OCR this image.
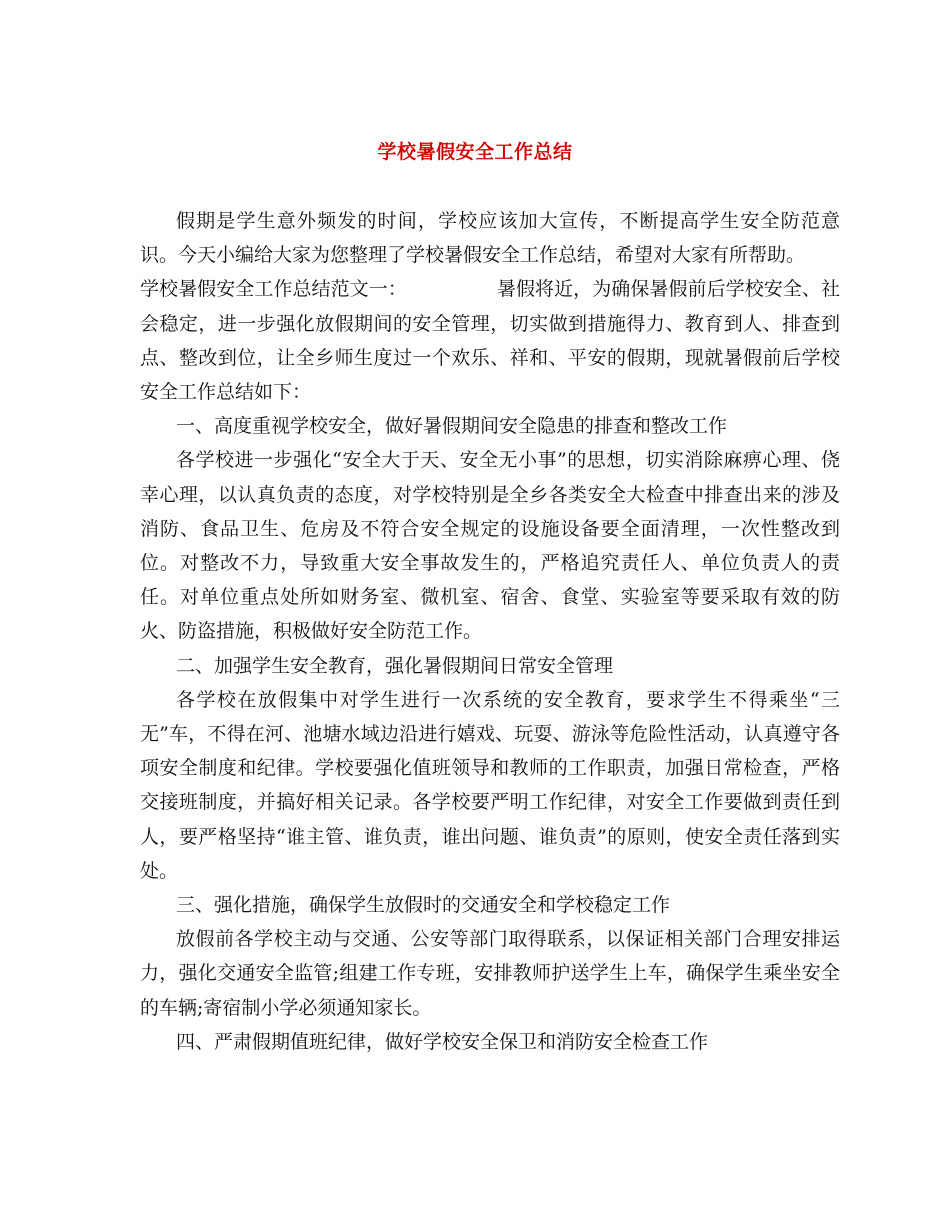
学校暑假安全工作总结

假期是学生意外频发的时间，学校应该加大宣传，不断提高学生安全防范意识。今天小编给大家为您整理了学校暑假安全工作总结，希望对大家有所帮助。

学校暑假安全工作总结范文一：	暑假将近，为确保暑假前后学校安全、社会稳定，进一步强化放假期间的安全管理，切实做到措施得力、教育到人、排查到点、整改到位，让全乡师生度过一个欢乐、祥和、平安的假期，现就暑假前后学校安全工作总结如下：

一、高度重视学校安全，做好暑假期间安全隐患的排查和整改工作

各学校进一步强化“安全大于天、安全无小事”的思想，切实消除麻痹心理、侥幸心理，以认真负责的态度，对学校特别是全乡各类安全大检查中排查出来的涉及消防、食品卫生、危房及不符合安全规定的设施设备要全面清理，一次性整改到位。对整改不力，导致重大安全事故发生的，严格追究责任人、单位负责人的责任。对单位重点处所如财务室、微机室、宿舍、食堂、实验室等要采取有效的防火、防盗措施，积极做好安全防范工作。

二、加强学生安全教育，强化暑假期间日常安全管理

各学校在放假集中对学生进行一次系统的安全教育，要求学生不得乘坐“三无”车，不得在河、池塘水域边沿进行嬉戏、玩耍、游泳等危险性活动，认真遵守各项安全制度和纪律。学校要强化值班领导和教师的工作职责，加强日常检查，严格交接班制度，并搞好相关记录。各学校要严明工作纪律，对安全工作要做到责任到人，要严格坚持“谁主管、谁负责，谁出问题、谁负责”的原则，使安全责任落到实处。

三、强化措施，确保学生放假时的交通安全和学校稳定工作

放假前各学校主动与交通、公安等部门取得联系，以保证相关部门合理安排运力，强化交通安全监管;组建工作专班，安排教师护送学生上车，确保学生乘坐安全的车辆;寄宿制小学必须通知家长。

四、严肃假期值班纪律，做好学校安全保卫和消防安全检查工作
